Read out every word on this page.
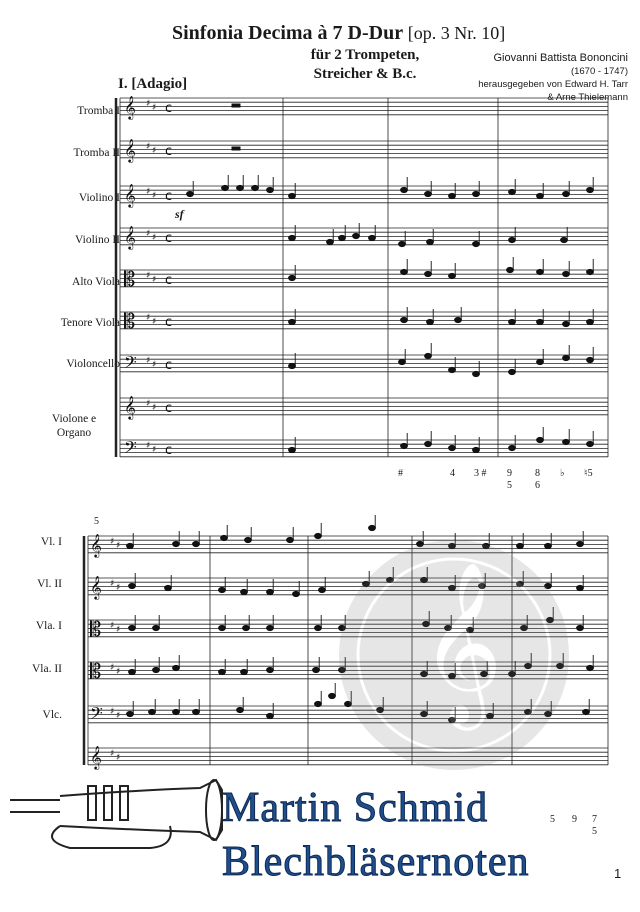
Sinfonia Decima à 7 D-Dur [op. 3 Nr. 10]
für 2 Trompeten,
Streicher & B.c.
Giovanni Battista Bononcini
(1670 - 1747)
herausgegeben von Edward H. Tarr
& Arne Thielemann
I. [Adagio]
Tromba I
Tromba II
Violino I
Violino II
Alto Viola
Tenore Viola
Violoncello
Violone e
Organo
Vl. I
Vl. II
Vla. I
Vla. II
Vlc.
5
𝄞 ♯ ♯ c
𝄞 ♯ ♯ c
𝄞 ♯ ♯ c
𝄞 ♯ ♯ c
𝄡 ♯ ♯ c
𝄡 ♯ ♯ c
𝄢 ♯ ♯ c
𝄞 ♯ ♯ c
𝄢 ♯ ♯ c
𝄞 ♯ ♯
𝄞 ♯ ♯
𝄡 ♯ ♯
𝄡 ♯ ♯
𝄢 ♯ ♯
𝄞 ♯ ♯
𝄞
sf
#	4 3 # 9
5
8
6
♭ ♮5
5 9 7
5
Martin Schmid
Blechbläsernoten	1
